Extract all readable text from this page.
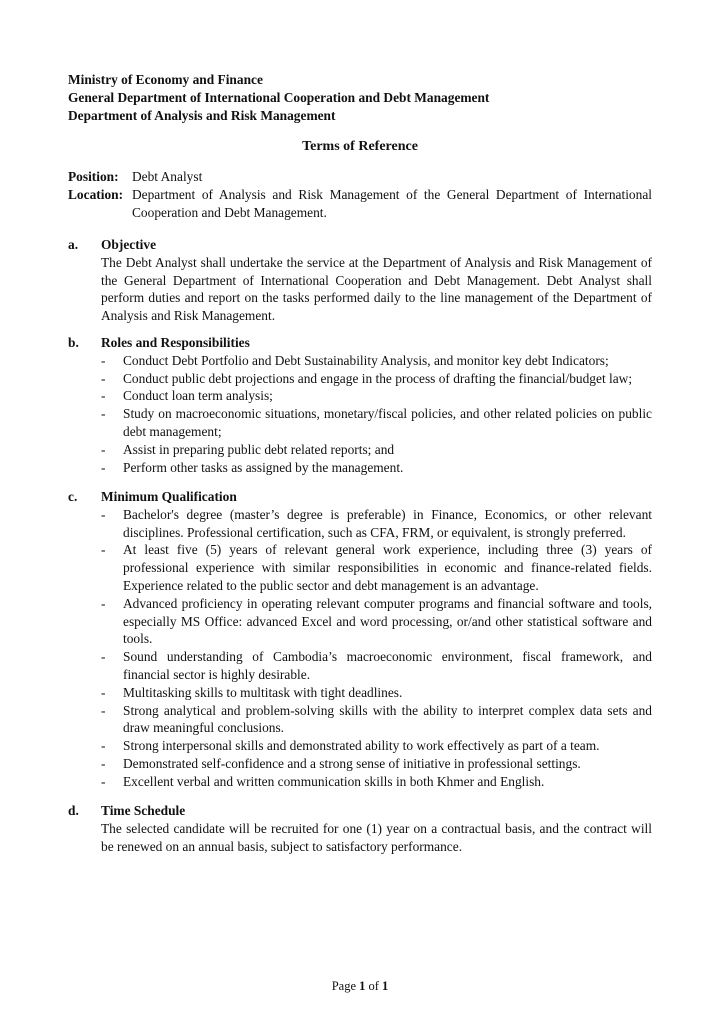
Ministry of Economy and Finance
General Department of International Cooperation and Debt Management
Department of Analysis and Risk Management
Terms of Reference
Position:	Debt Analyst
Location: Department of Analysis and Risk Management of the General Department of International Cooperation and Debt Management.
a.	Objective
The Debt Analyst shall undertake the service at the Department of Analysis and Risk Management of the General Department of International Cooperation and Debt Management. Debt Analyst shall perform duties and report on the tasks performed daily to the line management of the Department of Analysis and Risk Management.
b.	Roles and Responsibilities
-	Conduct Debt Portfolio and Debt Sustainability Analysis, and monitor key debt Indicators;
-	Conduct public debt projections and engage in the process of drafting the financial/budget law;
-	Conduct loan term analysis;
-	Study on macroeconomic situations, monetary/fiscal policies, and other related policies on public debt management;
-	Assist in preparing public debt related reports; and
-	Perform other tasks as assigned by the management.
c.	Minimum Qualification
-	Bachelor's degree (master’s degree is preferable) in Finance, Economics, or other relevant disciplines. Professional certification, such as CFA, FRM, or equivalent, is strongly preferred.
-	At least five (5) years of relevant general work experience, including three (3) years of professional experience with similar responsibilities in economic and finance-related fields. Experience related to the public sector and debt management is an advantage.
-	Advanced proficiency in operating relevant computer programs and financial software and tools, especially MS Office: advanced Excel and word processing, or/and other statistical software and tools.
-	Sound understanding of Cambodia’s macroeconomic environment, fiscal framework, and financial sector is highly desirable.
-	Multitasking skills to multitask with tight deadlines.
-	Strong analytical and problem-solving skills with the ability to interpret complex data sets and draw meaningful conclusions.
-	Strong interpersonal skills and demonstrated ability to work effectively as part of a team.
-	Demonstrated self-confidence and a strong sense of initiative in professional settings.
-	Excellent verbal and written communication skills in both Khmer and English.
d.	Time Schedule
The selected candidate will be recruited for one (1) year on a contractual basis, and the contract will be renewed on an annual basis, subject to satisfactory performance.
Page 1 of 1
